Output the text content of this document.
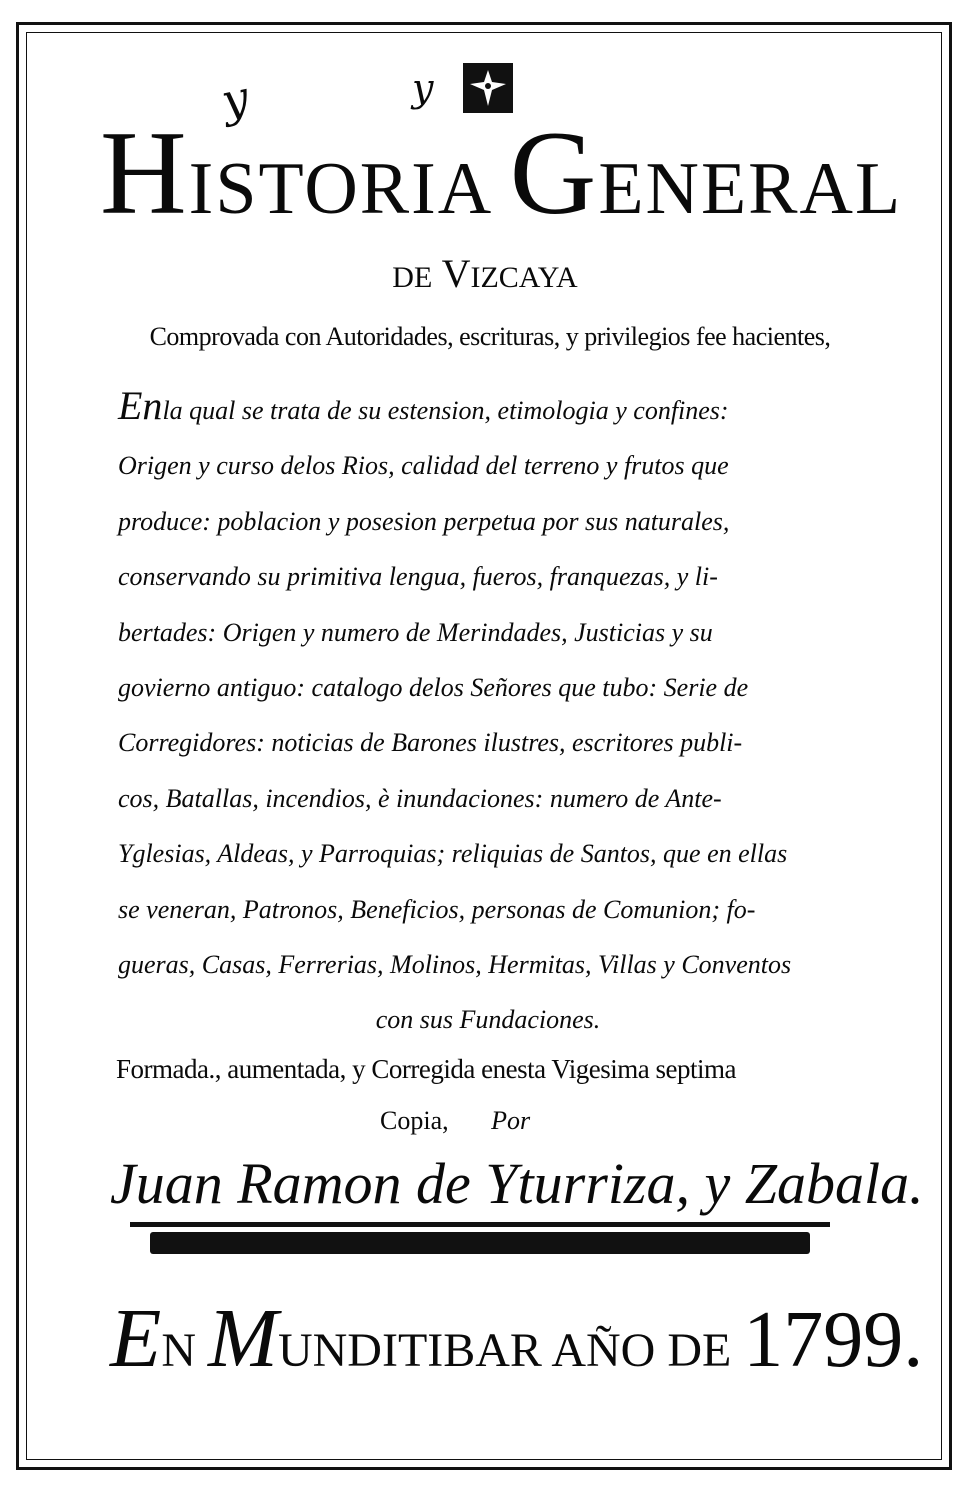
y	y
HISTORIA GENERAL
DE VIZCAYA
Comprovada con Autoridades, escrituras, y privilegios fee hacientes,
Enla qual se trata de su estension, etimologia y confines:
Origen y curso delos Rios, calidad del terreno y frutos que
produce: poblacion y posesion perpetua por sus naturales,
conservando su primitiva lengua, fueros, franquezas, y li-
bertades: Origen y numero de Merindades, Justicias y su
govierno antiguo: catalogo delos Señores que tubo: Serie de
Corregidores: noticias de Barones ilustres, escritores publi-
cos, Batallas, incendios, è inundaciones: numero de Ante-
Yglesias, Aldeas, y Parroquias; reliquias de Santos, que en ellas
se veneran, Patronos, Beneficios, personas de Comunion; fo-
gueras, Casas, Ferrerias, Molinos, Hermitas, Villas y Conventos
con sus Fundaciones.
Formada., aumentada, y Corregida enesta Vigesima septima
Copia, Por
Juan Ramon de Yturriza, y Zabala.
EN MUNDITIBAR AÑO DE 1799.
